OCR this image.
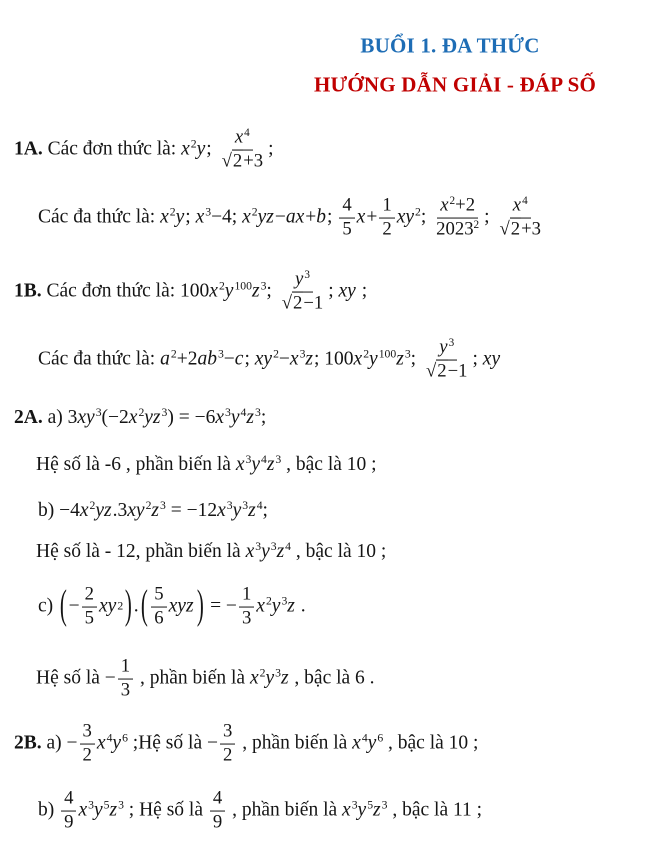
BUỔI 1. ĐA THỨC
HƯỚNG DẪN GIẢI - ĐÁP SỐ
1A. Các đơn thức là: $x^2y$; $\frac{x^4}{√2+3}$ ;
Các đa thức là: $x^2y$; $x^3-4$; $x^2yz-ax+b$; $\frac{4}{5} x+ \frac{1}{2} xy^2$; $\frac{x^2+2}{2023^2}$ ; $\frac{x^4}{√2+3}$
1B. Các đơn thức là: $100x^2y^{100}z^3$; $\frac{y^3}{√2-1}$ ; xy ;
Các đa thức là: $a^2+2ab^3-c$; $xy^2-x^3z$; $100x^2y^{100}z^3$; $\frac{y^3}{√2-1}$ ; xy
2A. a) $3xy^3(-2x^2yz^3) = -6x^3y^4z^3$;
Hệ số là -6 , phần biến là $x^3y^4z^3$ , bậc là 10 ;
$b) -4x^2yz.3xy^2z^3 = -12x^3y^3z^4$;
Hệ số là - 12, phần biến là $x^3y^3z^4$ , bậc là 10 ;
c) ( − $\frac{2}{5}$ xy 2 ) . ( $\frac{5}{6}$ xyz ) = − $\frac{1}{3} x^2y^3z$ .
Hệ số là − $\frac{1}{3}$ , phần biến là $x^2y^3z$ , bậc là 6 .
2B. $a) - \frac{3}{2} x^4y^6$ ;Hệ số là − $\frac{3}{2}$ , phần biến là $x^4y^6$ , bậc là 10 ;
$b) \frac{4}{9} x^3y^5z^3$ ; Hệ số là $\frac{4}{9}$ , phần biến là $x^3y^5z^3$ , bậc là 11 ;
